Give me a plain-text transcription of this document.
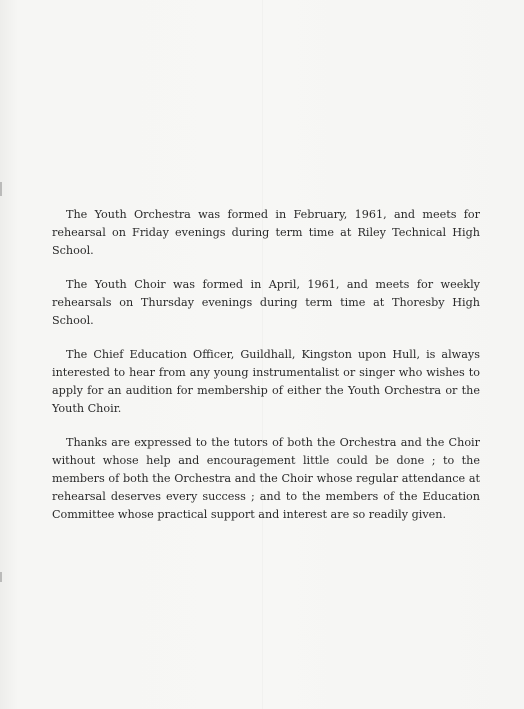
The Youth Orchestra was formed in February, 1961, and meets for rehearsal on Friday evenings during term time at Riley Technical High School.

The Youth Choir was formed in April, 1961, and meets for weekly rehearsals on Thursday evenings during term time at Thoresby High School.

The Chief Education Officer, Guildhall, Kingston upon Hull, is always interested to hear from any young instrumentalist or singer who wishes to apply for an audition for membership of either the Youth Orchestra or the Youth Choir.

Thanks are expressed to the tutors of both the Orchestra and the Choir without whose help and encouragement little could be done ; to the members of both the Orchestra and the Choir whose regular attendance at rehearsal deserves every success ; and to the members of the Education Committee whose practical support and interest are so readily given.
